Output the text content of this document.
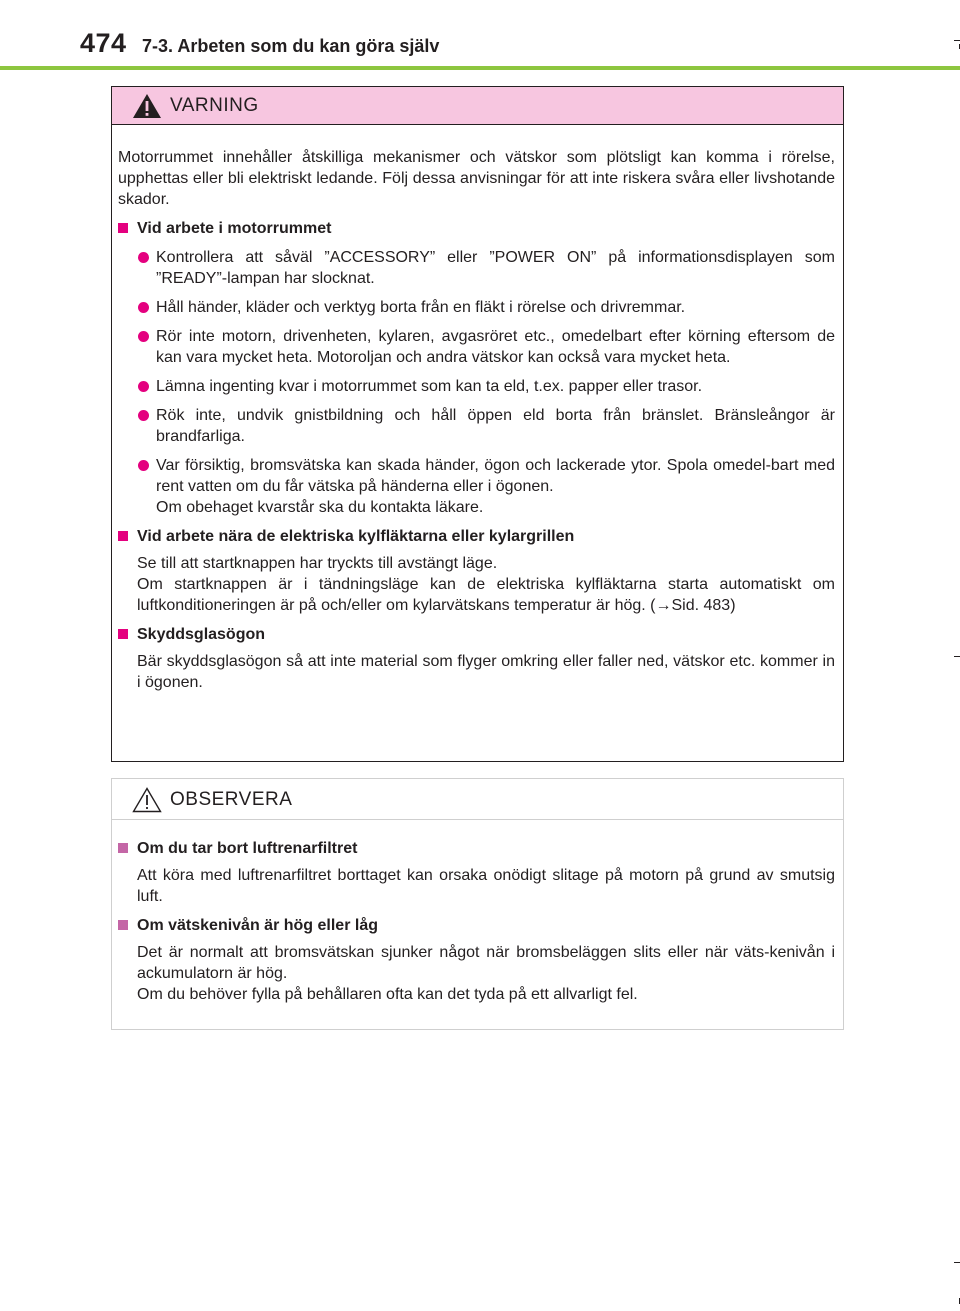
474 7-3. Arbeten som du kan göra själv
VARNING

Motorrummet innehåller åtskilliga mekanismer och vätskor som plötsligt kan komma i rörelse, upphettas eller bli elektriskt ledande. Följ dessa anvisningar för att inte riskera svåra eller livshotande skador.

Vid arbete i motorrummet

Kontrollera att såväl ”ACCESSORY” eller ”POWER ON” på informationsdisplayen som ”READY”-lampan har slocknat.

Håll händer, kläder och verktyg borta från en fläkt i rörelse och drivremmar.

Rör inte motorn, drivenheten, kylaren, avgasröret etc., omedelbart efter körning eftersom de kan vara mycket heta. Motoroljan och andra vätskor kan också vara mycket heta.

Lämna ingenting kvar i motorrummet som kan ta eld, t.ex. papper eller trasor.

Rök inte, undvik gnistbildning och håll öppen eld borta från bränslet. Bränsleångor är brandfarliga.

Var försiktig, bromsvätska kan skada händer, ögon och lackerade ytor. Spola omedel-bart med rent vatten om du får vätska på händerna eller i ögonen.
Om obehaget kvarstår ska du kontakta läkare.

Vid arbete nära de elektriska kylfläktarna eller kylargrillen

Se till att startknappen har tryckts till avstängt läge.
Om startknappen är i tändningsläge kan de elektriska kylfläktarna starta automatiskt om luftkonditioneringen är på och/eller om kylarvätskans temperatur är hög. (→Sid. 483)

Skyddsglasögon

Bär skyddsglasögon så att inte material som flyger omkring eller faller ned, vätskor etc. kommer in i ögonen.

OBSERVERA

Om du tar bort luftrenarfiltret

Att köra med luftrenarfiltret borttaget kan orsaka onödigt slitage på motorn på grund av smutsig luft.

Om vätskenivån är hög eller låg

Det är normalt att bromsvätskan sjunker något när bromsbeläggen slits eller när väts-kenivån i ackumulatorn är hög.
Om du behöver fylla på behållaren ofta kan det tyda på ett allvarligt fel.
